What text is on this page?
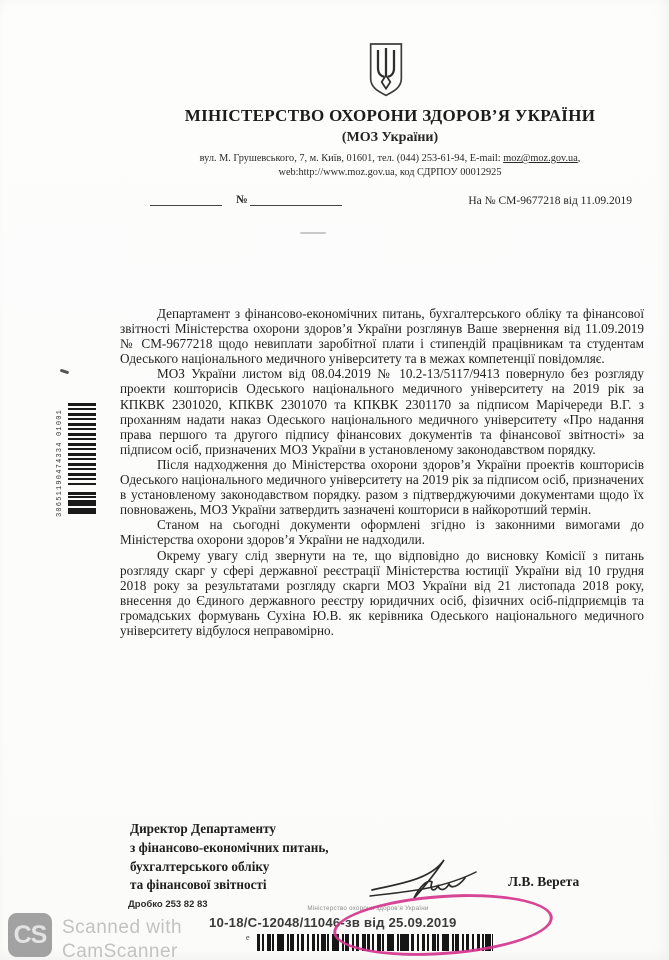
МІНІСТЕРСТВО ОХОРОНИ ЗДОРОВ’Я УКРАЇНИ
(МОЗ України)
вул. М. Грушевського, 7, м. Київ, 01601, тел. (044) 253-61-94, E-mail: moz@moz.gov.ua,
web:http://www.moz.gov.ua, код СДРПОУ 00012925
№	На № СМ-9677218 від 11.09.2019
30651190474334 01001

Департамент з фінансово-економічних питань, бухгалтерського обліку та фінансової звітності Міністерства охорони здоров’я України розглянув Ваше звернення від 11.09.2019 № СМ-9677218 щодо невиплати заробітної плати і стипендій працівникам та студентам Одеського національного медичного університету та в межах компетенції повідомляє.

МОЗ України листом від 08.04.2019 № 10.2-13/5117/9413 повернуло без розгляду проекти кошторисів Одеського національного медичного університету на 2019 рік за КПКВК 2301020, КПКВК 2301070 та КПКВК 2301170 за підписом Марічереди В.Г. з проханням надати наказ Одеського національного медичного університету «Про надання права першого та другого підпису фінансових документів та фінансової звітності» за підписом осіб, призначених МОЗ України в установленому законодавством порядку.

Після надходження до Міністерства охорони здоров’я України проектів кошторисів Одеського національного медичного університету на 2019 рік за підписом осіб, призначених в установленому законодавством порядку. разом з підтверджуючими документами щодо їх повноважень, МОЗ України затвердить зазначені кошториси в найкоротший термін.

Станом на сьогодні документи оформлені згідно із законними вимогами до Міністерства охорони здоров’я України не надходили.

Окрему увагу слід звернути на те, що відповідно до висновку Комісії з питань розгляду скарг у сфері державної реєстрації Міністерства юстиції України від 10 грудня 2018 року за результатами розгляду скарги МОЗ України від 21 листопада 2018 року, внесення до Єдиного державного реєстру юридичних осіб, фізичних осіб-підприємців та громадських формувань Сухіна Ю.В. як керівника Одеського національного медичного університету відбулося неправомірно.

Директор Департаменту
з фінансово-економічних питань,
бухгалтерського обліку
та фінансової звітності	Л.В. Верета
Дробко 253 82 83	Міністерство охорони здоров’я України
10-18/С-12048/11046-зв від 25.09.2019
e
CS Scanned with
CamScanner
